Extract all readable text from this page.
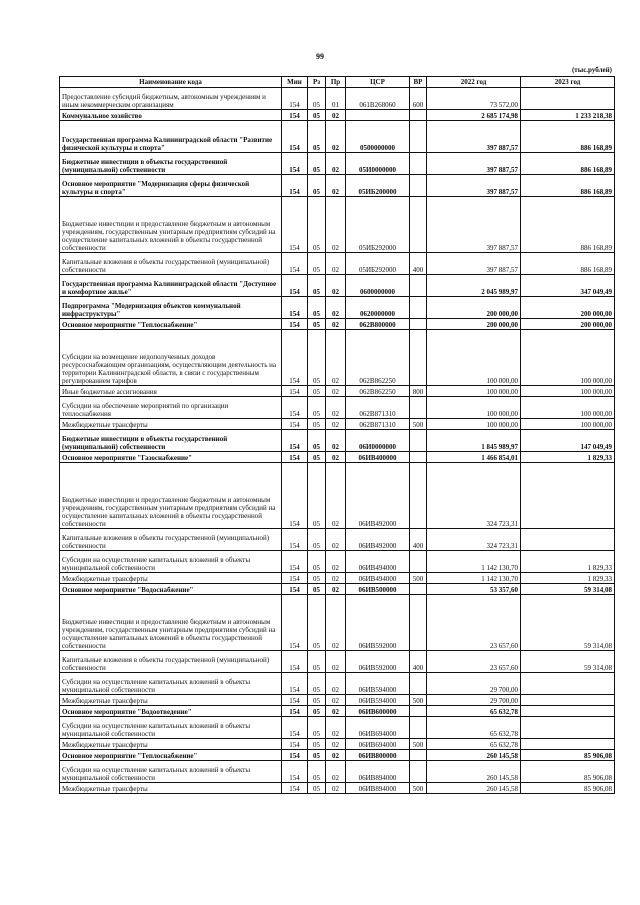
99
(тыс.рублей)
Наименование кода	Мин	Рз	Пр	ЦСР	ВР	2022 год	2023 год
Предоставление субсидий бюджетным, автономным учреждениям и иным некоммерческим организациям	154	05	01	061В268060	600	73 572,00	
Коммунальное хозяйство	154	05	02			2 685 174,98	1 233 218,38
Государственная программа Калининградской области "Развитие физической культуры и спорта"	154	05	02	0500000000		397 887,57	886 168,89
Бюджетные инвестиции в объекты государственной (муниципальной) собственности	154	05	02	05И0000000		397 887,57	886 168,89
Основное мероприятие "Модернизация сферы физической культуры и спорта"	154	05	02	05ИБ200000		397 887,57	886 168,89
Бюджетные инвестиции и предоставление бюджетным и автономным учреждениям, государственным унитарным предприятиям субсидий на осуществление капитальных вложений в объекты государственной собственности	154	05	02	05ИБ292000		397 887,57	886 168,89
Капитальные вложения в объекты государственной (муниципальной) собственности	154	05	02	05ИБ292000	400	397 887,57	886 168,89
Государственная программа Калининградской области "Доступное и комфортное жилье"	154	05	02	0600000000		2 045 989,97	347 049,49
Подпрограмма "Модернизация объектов коммунальной инфраструктуры"	154	05	02	0620000000		200 000,00	200 000,00
Основное мероприятие "Теплоснабжение"	154	05	02	062В800000		200 000,00	200 000,00
Субсидии на возмещение недополученных доходов ресурсоснабжающим организациям, осуществляющим деятельность на территории Калининградской области, в связи с государственным регулированием тарифов	154	05	02	062В862250		100 000,00	100 000,00
Иные бюджетные ассигнования	154	05	02	062В862250	800	100 000,00	100 000,00
Субсидии на обеспечение мероприятий по организации теплоснабжения	154	05	02	062В871310		100 000,00	100 000,00
Межбюджетные трансферты	154	05	02	062В871310	500	100 000,00	100 000,00
Бюджетные инвестиции в объекты государственной (муниципальной) собственности	154	05	02	06И0000000		1 845 989,97	147 049,49
Основное мероприятие "Газоснабжение"	154	05	02	06ИВ400000		1 466 854,01	1 829,33
Бюджетные инвестиции и предоставление бюджетным и автономным учреждениям, государственным унитарным предприятиям субсидий на осуществление капитальных вложений в объекты государственной собственности	154	05	02	06ИВ492000		324 723,31	
Капитальные вложения в объекты государственной (муниципальной) собственности	154	05	02	06ИВ492000	400	324 723,31	
Субсидии на осуществление капитальных вложений в объекты муниципальной собственности	154	05	02	06ИВ494000		1 142 130,70	1 829,33
Межбюджетные трансферты	154	05	02	06ИВ494000	500	1 142 130,70	1 829,33
Основное мероприятие "Водоснабжение"	154	05	02	06ИВ500000		53 357,60	59 314,08
Бюджетные инвестиции и предоставление бюджетным и автономным учреждениям, государственным унитарным предприятиям субсидий на осуществление капитальных вложений в объекты государственной собственности	154	05	02	06ИВ592000		23 657,60	59 314,08
Капитальные вложения в объекты государственной (муниципальной) собственности	154	05	02	06ИВ592000	400	23 657,60	59 314,08
Субсидии на осуществление капитальных вложений в объекты муниципальной собственности	154	05	02	06ИВ594000		29 700,00	
Межбюджетные трансферты	154	05	02	06ИВ594000	500	29 700,00	
Основное мероприятие "Водоотведение"	154	05	02	06ИВ600000		65 632,78	
Субсидии на осуществление капитальных вложений в объекты муниципальной собственности	154	05	02	06ИВ694000		65 632,78	
Межбюджетные трансферты	154	05	02	06ИВ694000	500	65 632,78	
Основное мероприятие "Теплоснабжение"	154	05	02	06ИВ800000		260 145,58	85 906,08
Субсидии на осуществление капитальных вложений в объекты муниципальной собственности	154	05	02	06ИВ894000		260 145,58	85 906,08
Межбюджетные трансферты	154	05	02	06ИВ894000	500	260 145,58	85 906,08
